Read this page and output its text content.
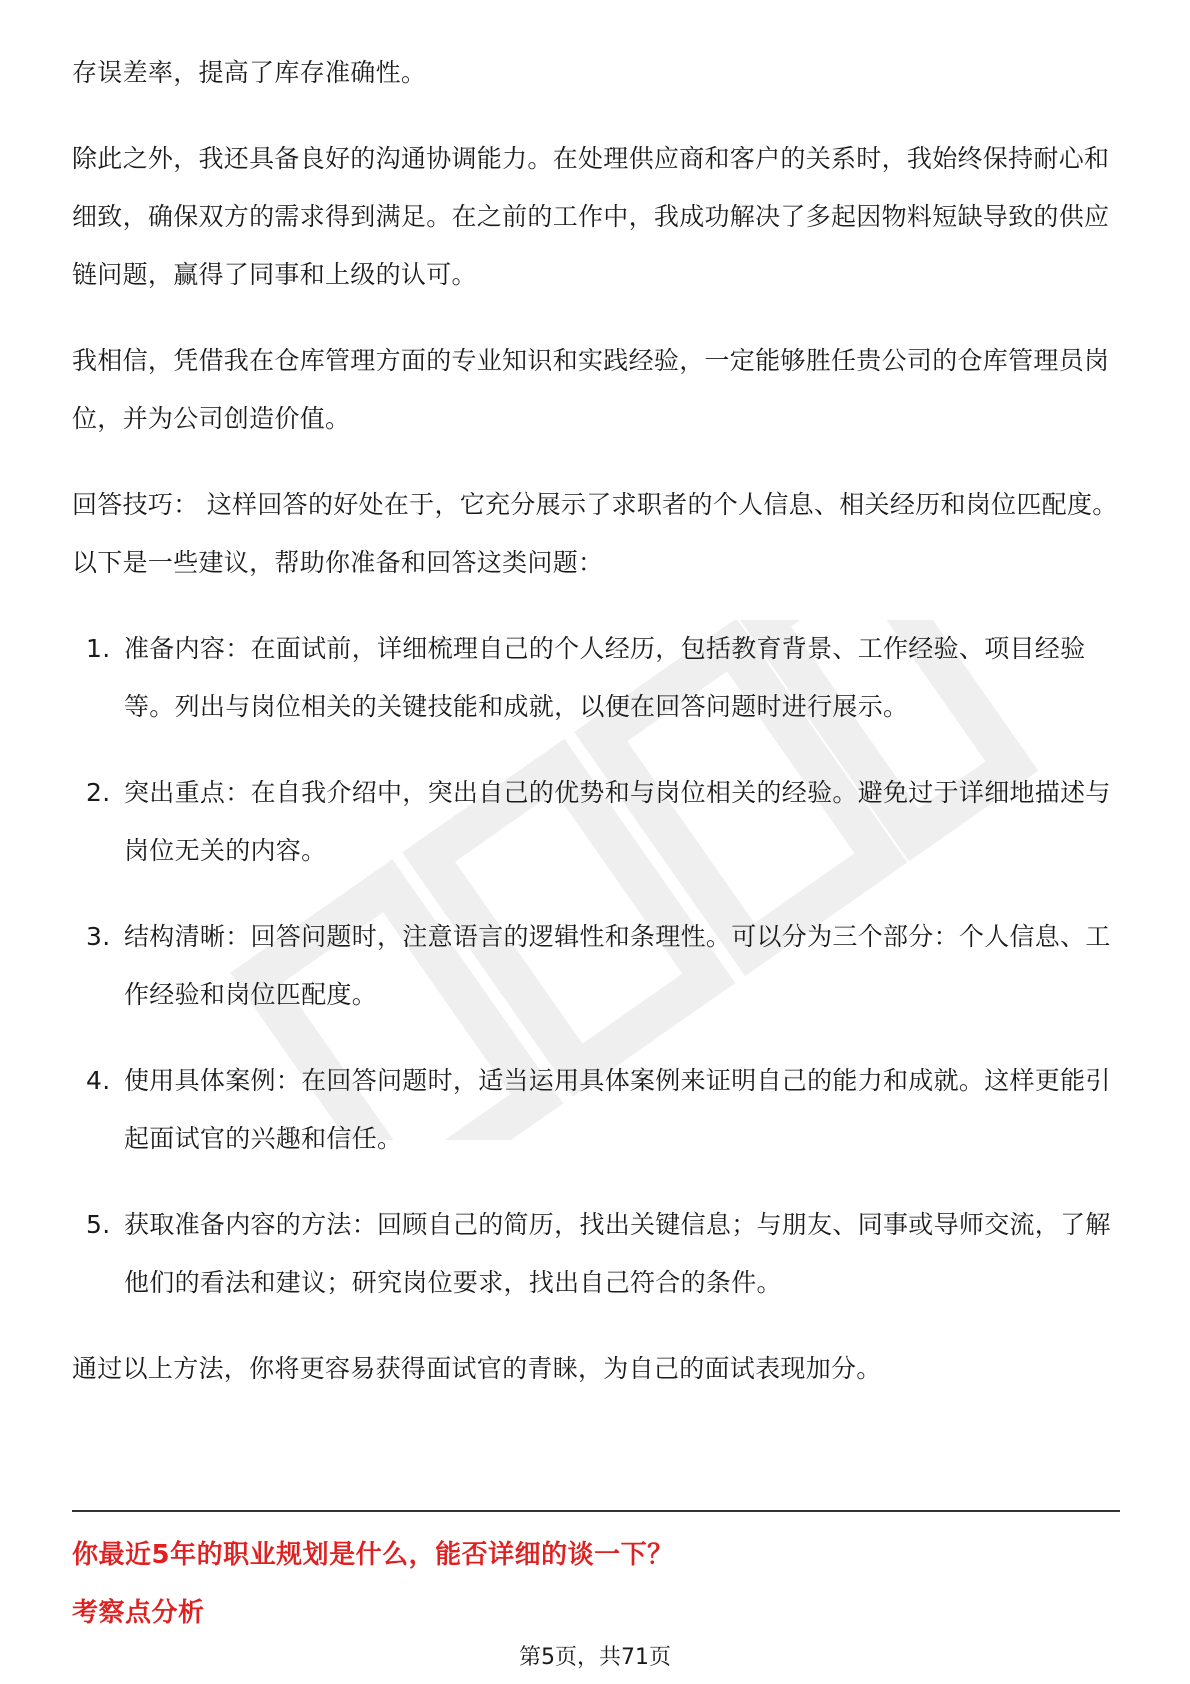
存误差率，提高了库存准确性。

除此之外，我还具备良好的沟通协调能力。在处理供应商和客户的关系时，我始终保持耐心和细致，确保双方的需求得到满足。在之前的工作中，我成功解决了多起因物料短缺导致的供应链问题，赢得了同事和上级的认可。

我相信，凭借我在仓库管理方面的专业知识和实践经验，一定能够胜任贵公司的仓库管理员岗位，并为公司创造价值。

回答技巧： 这样回答的好处在于，它充分展示了求职者的个人信息、相关经历和岗位匹配度。以下是一些建议，帮助你准备和回答这类问题：

1. 准备内容：在面试前，详细梳理自己的个人经历，包括教育背景、工作经验、项目经验等。列出与岗位相关的关键技能和成就，以便在回答问题时进行展示。
2. 突出重点：在自我介绍中，突出自己的优势和与岗位相关的经验。避免过于详细地描述与岗位无关的内容。
3. 结构清晰：回答问题时，注意语言的逻辑性和条理性。可以分为三个部分：个人信息、工作经验和岗位匹配度。
4. 使用具体案例：在回答问题时，适当运用具体案例来证明自己的能力和成就。这样更能引起面试官的兴趣和信任。
5. 获取准备内容的方法：回顾自己的简历，找出关键信息；与朋友、同事或导师交流，了解他们的看法和建议；研究岗位要求，找出自己符合的条件。

通过以上方法，你将更容易获得面试官的青睐，为自己的面试表现加分。

你最近5年的职业规划是什么，能否详细的谈一下？
考察点分析
第5页，共71页
